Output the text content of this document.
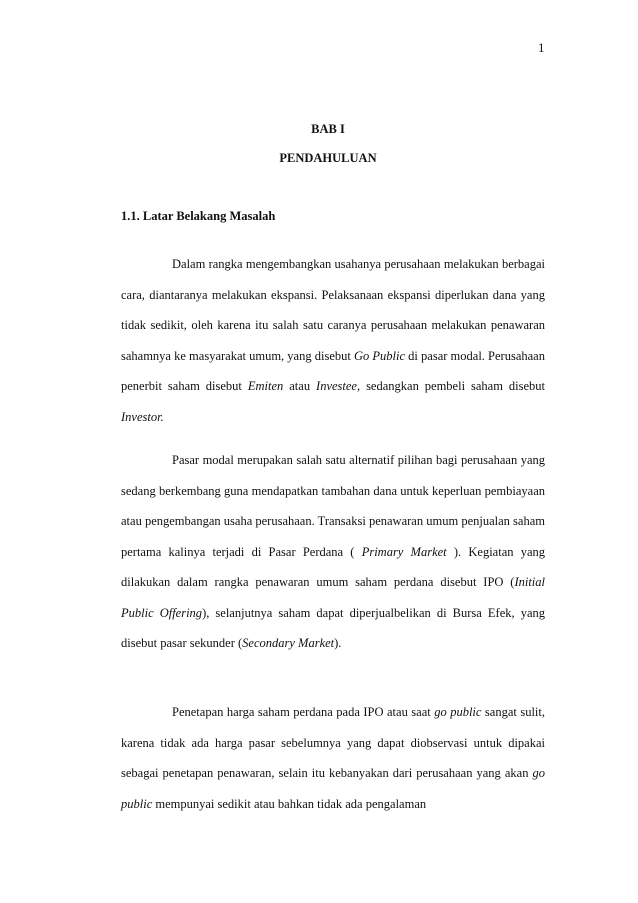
1
BAB I
PENDAHULUAN
1.1. Latar Belakang Masalah

Dalam rangka mengembangkan usahanya perusahaan melakukan berbagai cara, diantaranya melakukan ekspansi. Pelaksanaan ekspansi diperlukan dana yang tidak sedikit, oleh karena itu salah satu caranya perusahaan melakukan penawaran sahamnya ke masyarakat umum, yang disebut Go Public di pasar modal. Perusahaan penerbit saham disebut Emiten atau Investee, sedangkan pembeli saham disebut Investor.

Pasar modal merupakan salah satu alternatif pilihan bagi perusahaan yang sedang berkembang guna mendapatkan tambahan dana untuk keperluan pembiayaan atau pengembangan usaha perusahaan. Transaksi penawaran umum penjualan saham pertama kalinya terjadi di Pasar Perdana ( Primary Market ). Kegiatan yang dilakukan dalam rangka penawaran umum saham perdana disebut IPO (Initial Public Offering), selanjutnya saham dapat diperjualbelikan di Bursa Efek, yang disebut pasar sekunder (Secondary Market).

Penetapan harga saham perdana pada IPO atau saat go public sangat sulit, karena tidak ada harga pasar sebelumnya yang dapat diobservasi untuk dipakai sebagai penetapan penawaran, selain itu kebanyakan dari perusahaan yang akan go public mempunyai sedikit atau bahkan tidak ada pengalaman
